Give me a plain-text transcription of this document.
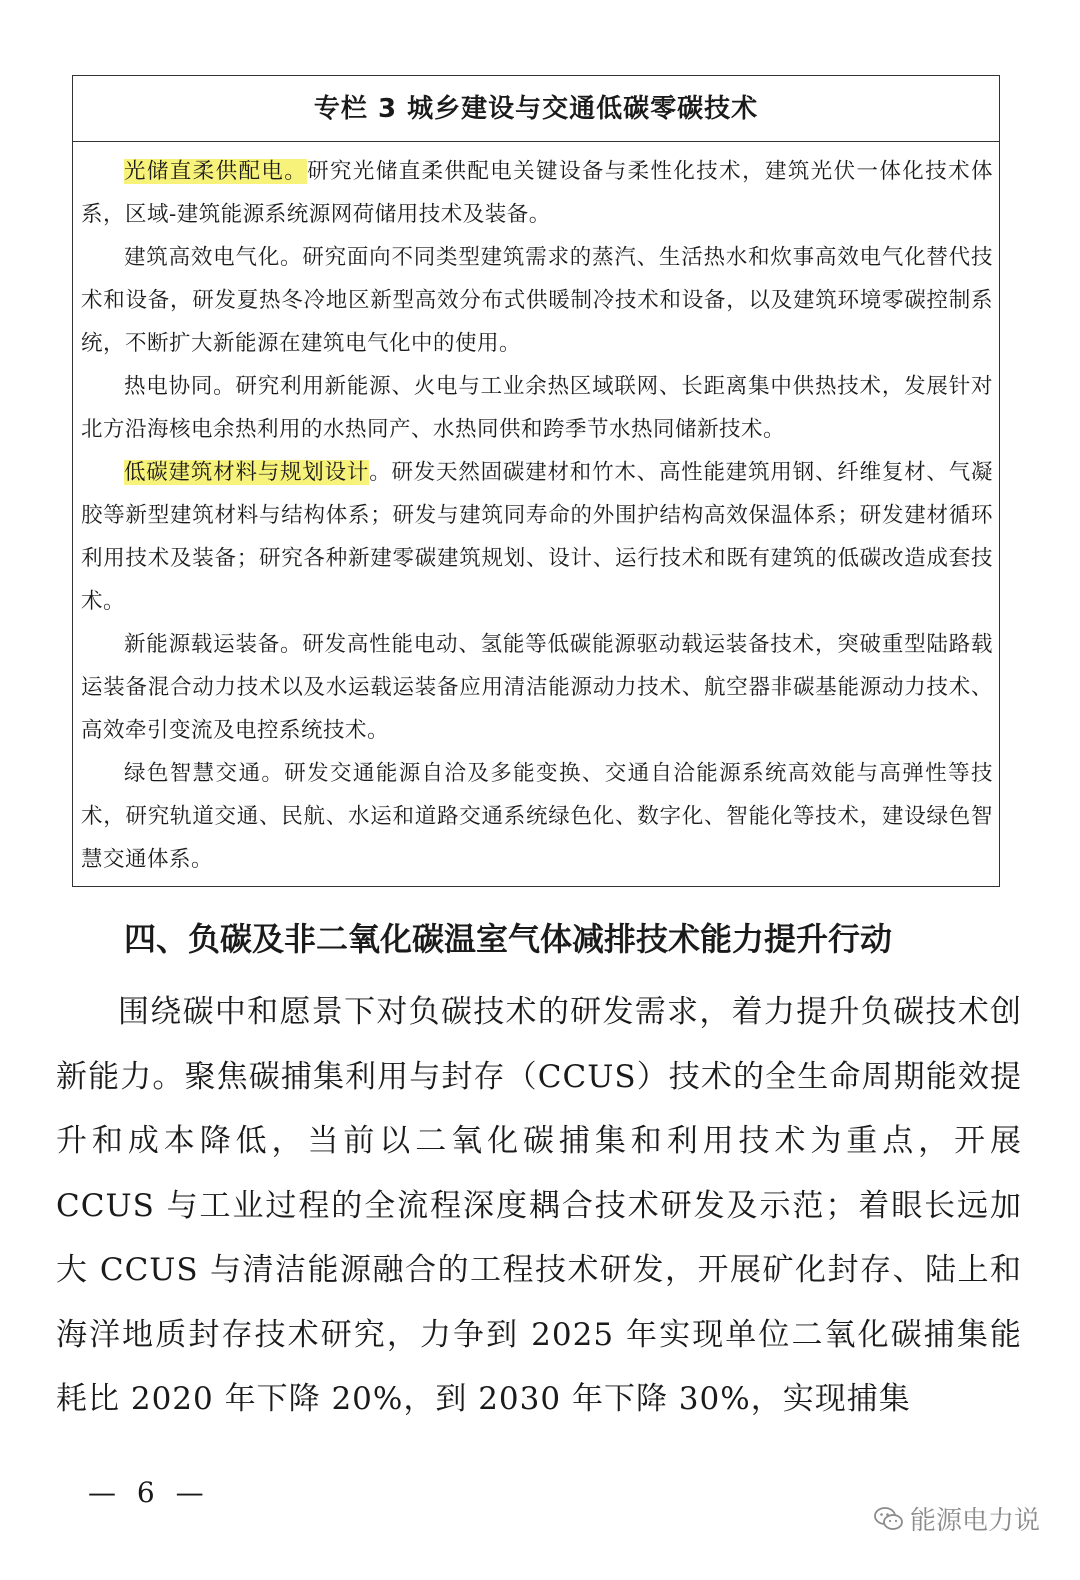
专栏 3 城乡建设与交通低碳零碳技术

光储直柔供配电。研究光储直柔供配电关键设备与柔性化技术，建筑光伏一体化技术体系，区域-建筑能源系统源网荷储用技术及装备。

建筑高效电气化。研究面向不同类型建筑需求的蒸汽、生活热水和炊事高效电气化替代技术和设备，研发夏热冬冷地区新型高效分布式供暖制冷技术和设备，以及建筑环境零碳控制系统，不断扩大新能源在建筑电气化中的使用。

热电协同。研究利用新能源、火电与工业余热区域联网、长距离集中供热技术，发展针对北方沿海核电余热利用的水热同产、水热同供和跨季节水热同储新技术。

低碳建筑材料与规划设计。研发天然固碳建材和竹木、高性能建筑用钢、纤维复材、气凝胶等新型建筑材料与结构体系；研发与建筑同寿命的外围护结构高效保温体系；研发建材循环利用技术及装备；研究各种新建零碳建筑规划、设计、运行技术和既有建筑的低碳改造成套技术。

新能源载运装备。研发高性能电动、氢能等低碳能源驱动载运装备技术，突破重型陆路载运装备混合动力技术以及水运载运装备应用清洁能源动力技术、航空器非碳基能源动力技术、高效牵引变流及电控系统技术。

绿色智慧交通。研发交通能源自洽及多能变换、交通自洽能源系统高效能与高弹性等技术，研究轨道交通、民航、水运和道路交通系统绿色化、数字化、智能化等技术，建设绿色智慧交通体系。

四、负碳及非二氧化碳温室气体减排技术能力提升行动

围绕碳中和愿景下对负碳技术的研发需求，着力提升负碳技术创新能力。聚焦碳捕集利用与封存（CCUS）技术的全生命周期能效提升和成本降低，当前以二氧化碳捕集和利用技术为重点，开展 CCUS 与工业过程的全流程深度耦合技术研发及示范；着眼长远加大 CCUS 与清洁能源融合的工程技术研发，开展矿化封存、陆上和海洋地质封存技术研究，力争到 2025 年实现单位二氧化碳捕集能耗比 2020 年下降 20%，到 2030 年下降 30%，实现捕集

— 6 —
能源电力说
